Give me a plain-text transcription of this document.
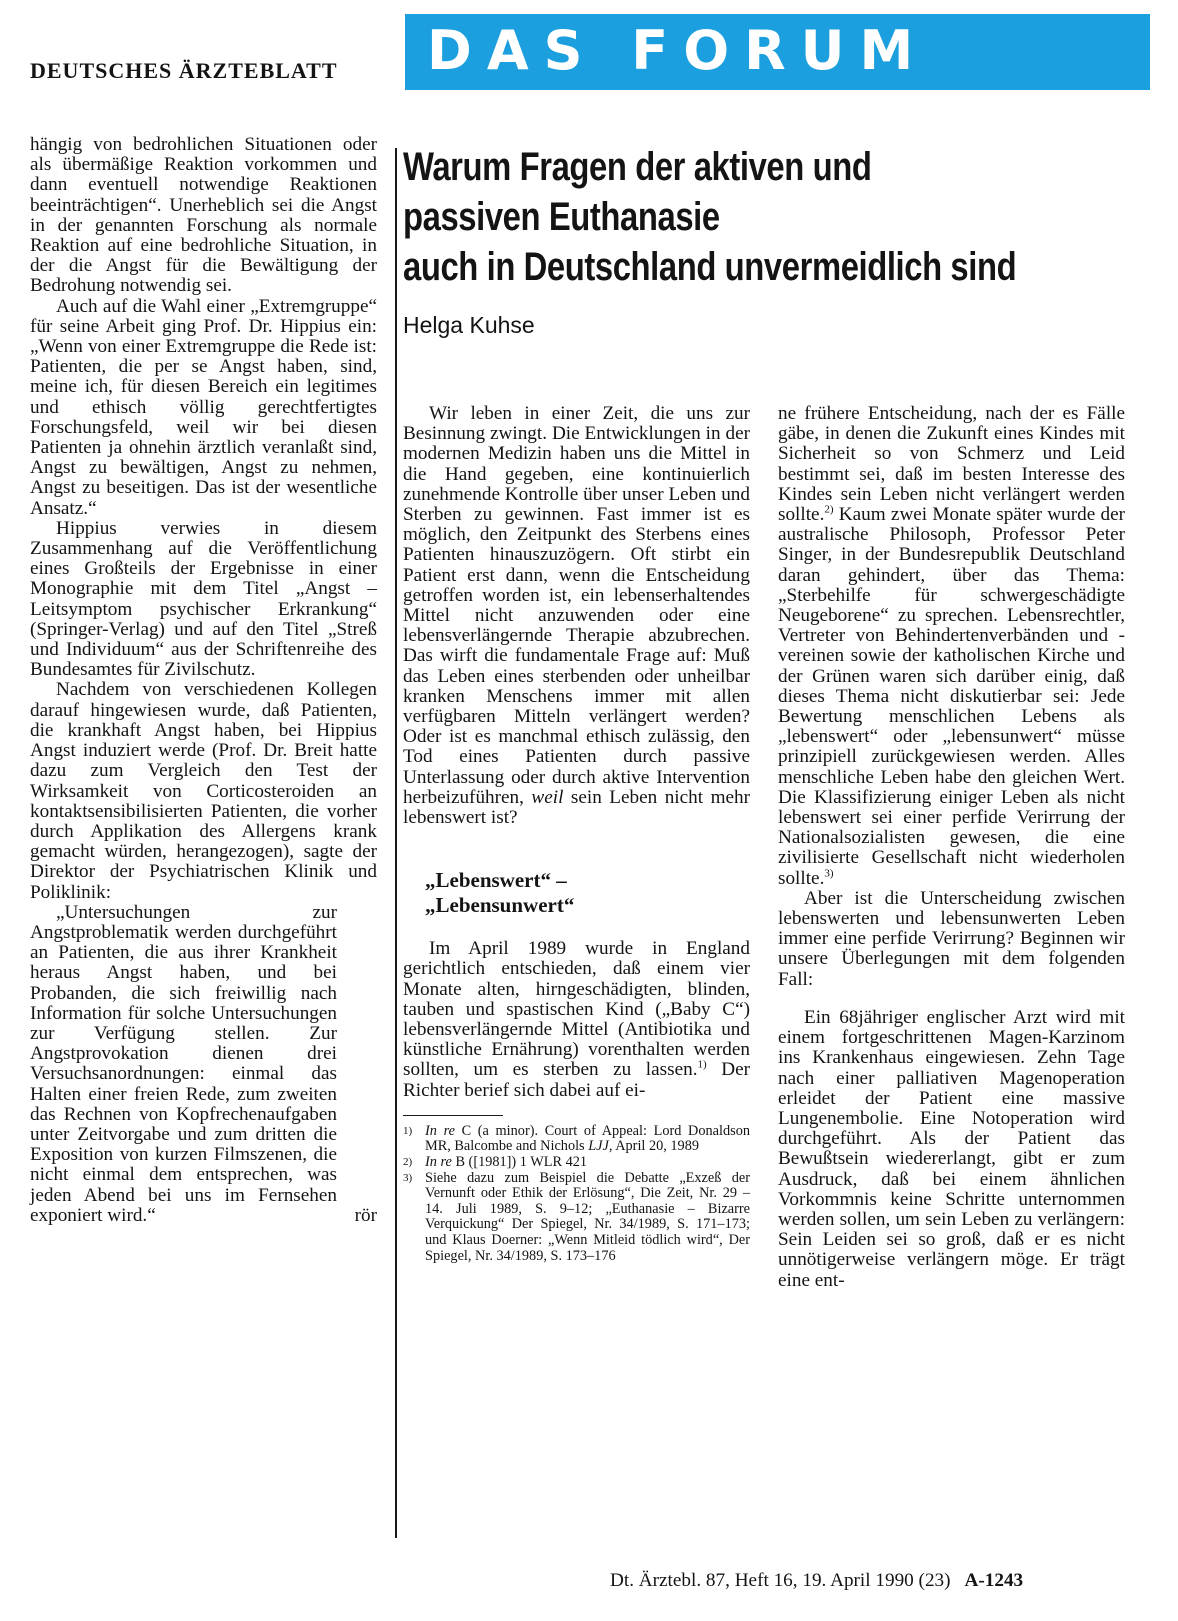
DEUTSCHES ÄRZTEBLATT DAS FORUM

hängig von bedrohlichen Situationen oder als übermäßige Reaktion vorkommen und dann eventuell notwendige Reaktionen beeinträchtigen“. Unerheblich sei die Angst in der genannten Forschung als normale Reaktion auf eine bedrohliche Situation, in der die Angst für die Bewältigung der Bedrohung notwendig sei.

Auch auf die Wahl einer „Extremgruppe“ für seine Arbeit ging Prof. Dr. Hippius ein: „Wenn von einer Extremgruppe die Rede ist: Patienten, die per se Angst haben, sind, meine ich, für diesen Bereich ein legitimes und ethisch völlig gerechtfertigtes Forschungsfeld, weil wir bei diesen Patienten ja ohnehin ärztlich veranlaßt sind, Angst zu bewältigen, Angst zu nehmen, Angst zu beseitigen. Das ist der wesentliche Ansatz.“

Hippius verwies in diesem Zusammenhang auf die Veröffentlichung eines Großteils der Ergebnisse in einer Monographie mit dem Titel „Angst – Leitsymptom psychischer Erkrankung“ (Springer-Verlag) und auf den Titel „Streß und Individuum“ aus der Schriftenreihe des Bundesamtes für Zivilschutz.

Nachdem von verschiedenen Kollegen darauf hingewiesen wurde, daß Patienten, die krankhaft Angst haben, bei Hippius Angst induziert werde (Prof. Dr. Breit hatte dazu zum Vergleich den Test der Wirksamkeit von Corticosteroiden an kontaktsensibilisierten Patienten, die vorher durch Applikation des Allergens krank gemacht würden, herangezogen), sagte der Direktor der Psychiatrischen Klinik und Poliklinik:

„Untersuchungen zur Angstproblematik werden durchgeführt an Patienten, die aus ihrer Krankheit heraus Angst haben, und bei Probanden, die sich freiwillig nach Information für solche Untersuchungen zur Verfügung stellen. Zur Angstprovokation dienen drei Versuchsanordnungen: einmal das Halten einer freien Rede, zum zweiten das Rechnen von Kopfrechenaufgaben unter Zeitvorgabe und zum dritten die Exposition von kurzen Filmszenen, die nicht einmal dem entsprechen, was jeden Abend bei uns im Fernsehen exponiert wird.“	rör
Warum Fragen der aktiven und
passiven Euthanasie
auch in Deutschland unvermeidlich sind
Helga Kuhse

Wir leben in einer Zeit, die uns zur Besinnung zwingt. Die Entwicklungen in der modernen Medizin haben uns die Mittel in die Hand gegeben, eine kontinuierlich zunehmende Kontrolle über unser Leben und Sterben zu gewinnen. Fast immer ist es möglich, den Zeitpunkt des Sterbens eines Patienten hinauszuzögern. Oft stirbt ein Patient erst dann, wenn die Entscheidung getroffen worden ist, ein lebenserhaltendes Mittel nicht anzuwenden oder eine lebensverlängernde Therapie abzubrechen. Das wirft die fundamentale Frage auf: Muß das Leben eines sterbenden oder unheilbar kranken Menschens immer mit allen verfügbaren Mitteln verlängert werden? Oder ist es manchmal ethisch zulässig, den Tod eines Patienten durch passive Unterlassung oder durch aktive Intervention herbeizuführen, weil sein Leben nicht mehr lebenswert ist?

„Lebenswert“ –
„Lebensunwert“

Im April 1989 wurde in England gerichtlich entschieden, daß einem vier Monate alten, hirngeschädigten, blinden, tauben und spastischen Kind („Baby C“) lebensverlängernde Mittel (Antibiotika und künstliche Ernährung) vorenthalten werden sollten, um es sterben zu lassen.$^{1)}$ Der Richter berief sich dabei auf ei-

1) In re C (a minor). Court of Appeal: Lord Donaldson MR, Balcombe and Nichols LJJ, April 20, 1989
2) In re B ([1981]) 1 WLR 421
3) Siehe dazu zum Beispiel die Debatte „Exzeß der Vernunft oder Ethik der Erlösung“, Die Zeit, Nr. 29 – 14. Juli 1989, S. 9–12; „Euthanasie – Bizarre Verquickung“ Der Spiegel, Nr. 34/1989, S. 171–173; und Klaus Doerner: „Wenn Mitleid tödlich wird“, Der Spiegel, Nr. 34/1989, S. 173–176

ne frühere Entscheidung, nach der es Fälle gäbe, in denen die Zukunft eines Kindes mit Sicherheit so von Schmerz und Leid bestimmt sei, daß im besten Interesse des Kindes sein Leben nicht verlängert werden sollte.$^{2)}$ Kaum zwei Monate später wurde der australische Philosoph, Professor Peter Singer, in der Bundesrepublik Deutschland daran gehindert, über das Thema: „Sterbehilfe für schwergeschädigte Neugeborene“ zu sprechen. Lebensrechtler, Vertreter von Behindertenverbänden und -vereinen sowie der katholischen Kirche und der Grünen waren sich darüber einig, daß dieses Thema nicht diskutierbar sei: Jede Bewertung menschlichen Lebens als „lebenswert“ oder „lebensunwert“ müsse prinzipiell zurückgewiesen werden. Alles menschliche Leben habe den gleichen Wert. Die Klassifizierung einiger Leben als nicht lebenswert sei einer perfide Verirrung der Nationalsozialisten gewesen, die eine zivilisierte Gesellschaft nicht wiederholen sollte.$^{3)}$

Aber ist die Unterscheidung zwischen lebenswerten und lebensunwerten Leben immer eine perfide Verirrung? Beginnen wir unsere Überlegungen mit dem folgenden Fall:

Ein 68jähriger englischer Arzt wird mit einem fortgeschrittenen Magen-Karzinom ins Krankenhaus eingewiesen. Zehn Tage nach einer palliativen Magenoperation erleidet der Patient eine massive Lungenembolie. Eine Notoperation wird durchgeführt. Als der Patient das Bewußtsein wiedererlangt, gibt er zum Ausdruck, daß bei einem ähnlichen Vorkommnis keine Schritte unternommen werden sollen, um sein Leben zu verlängern: Sein Leiden sei so groß, daß er es nicht unnötigerweise verlängern möge. Er trägt eine ent-

Dt. Ärztebl. 87, Heft 16, 19. April 1990 (23) A-1243
